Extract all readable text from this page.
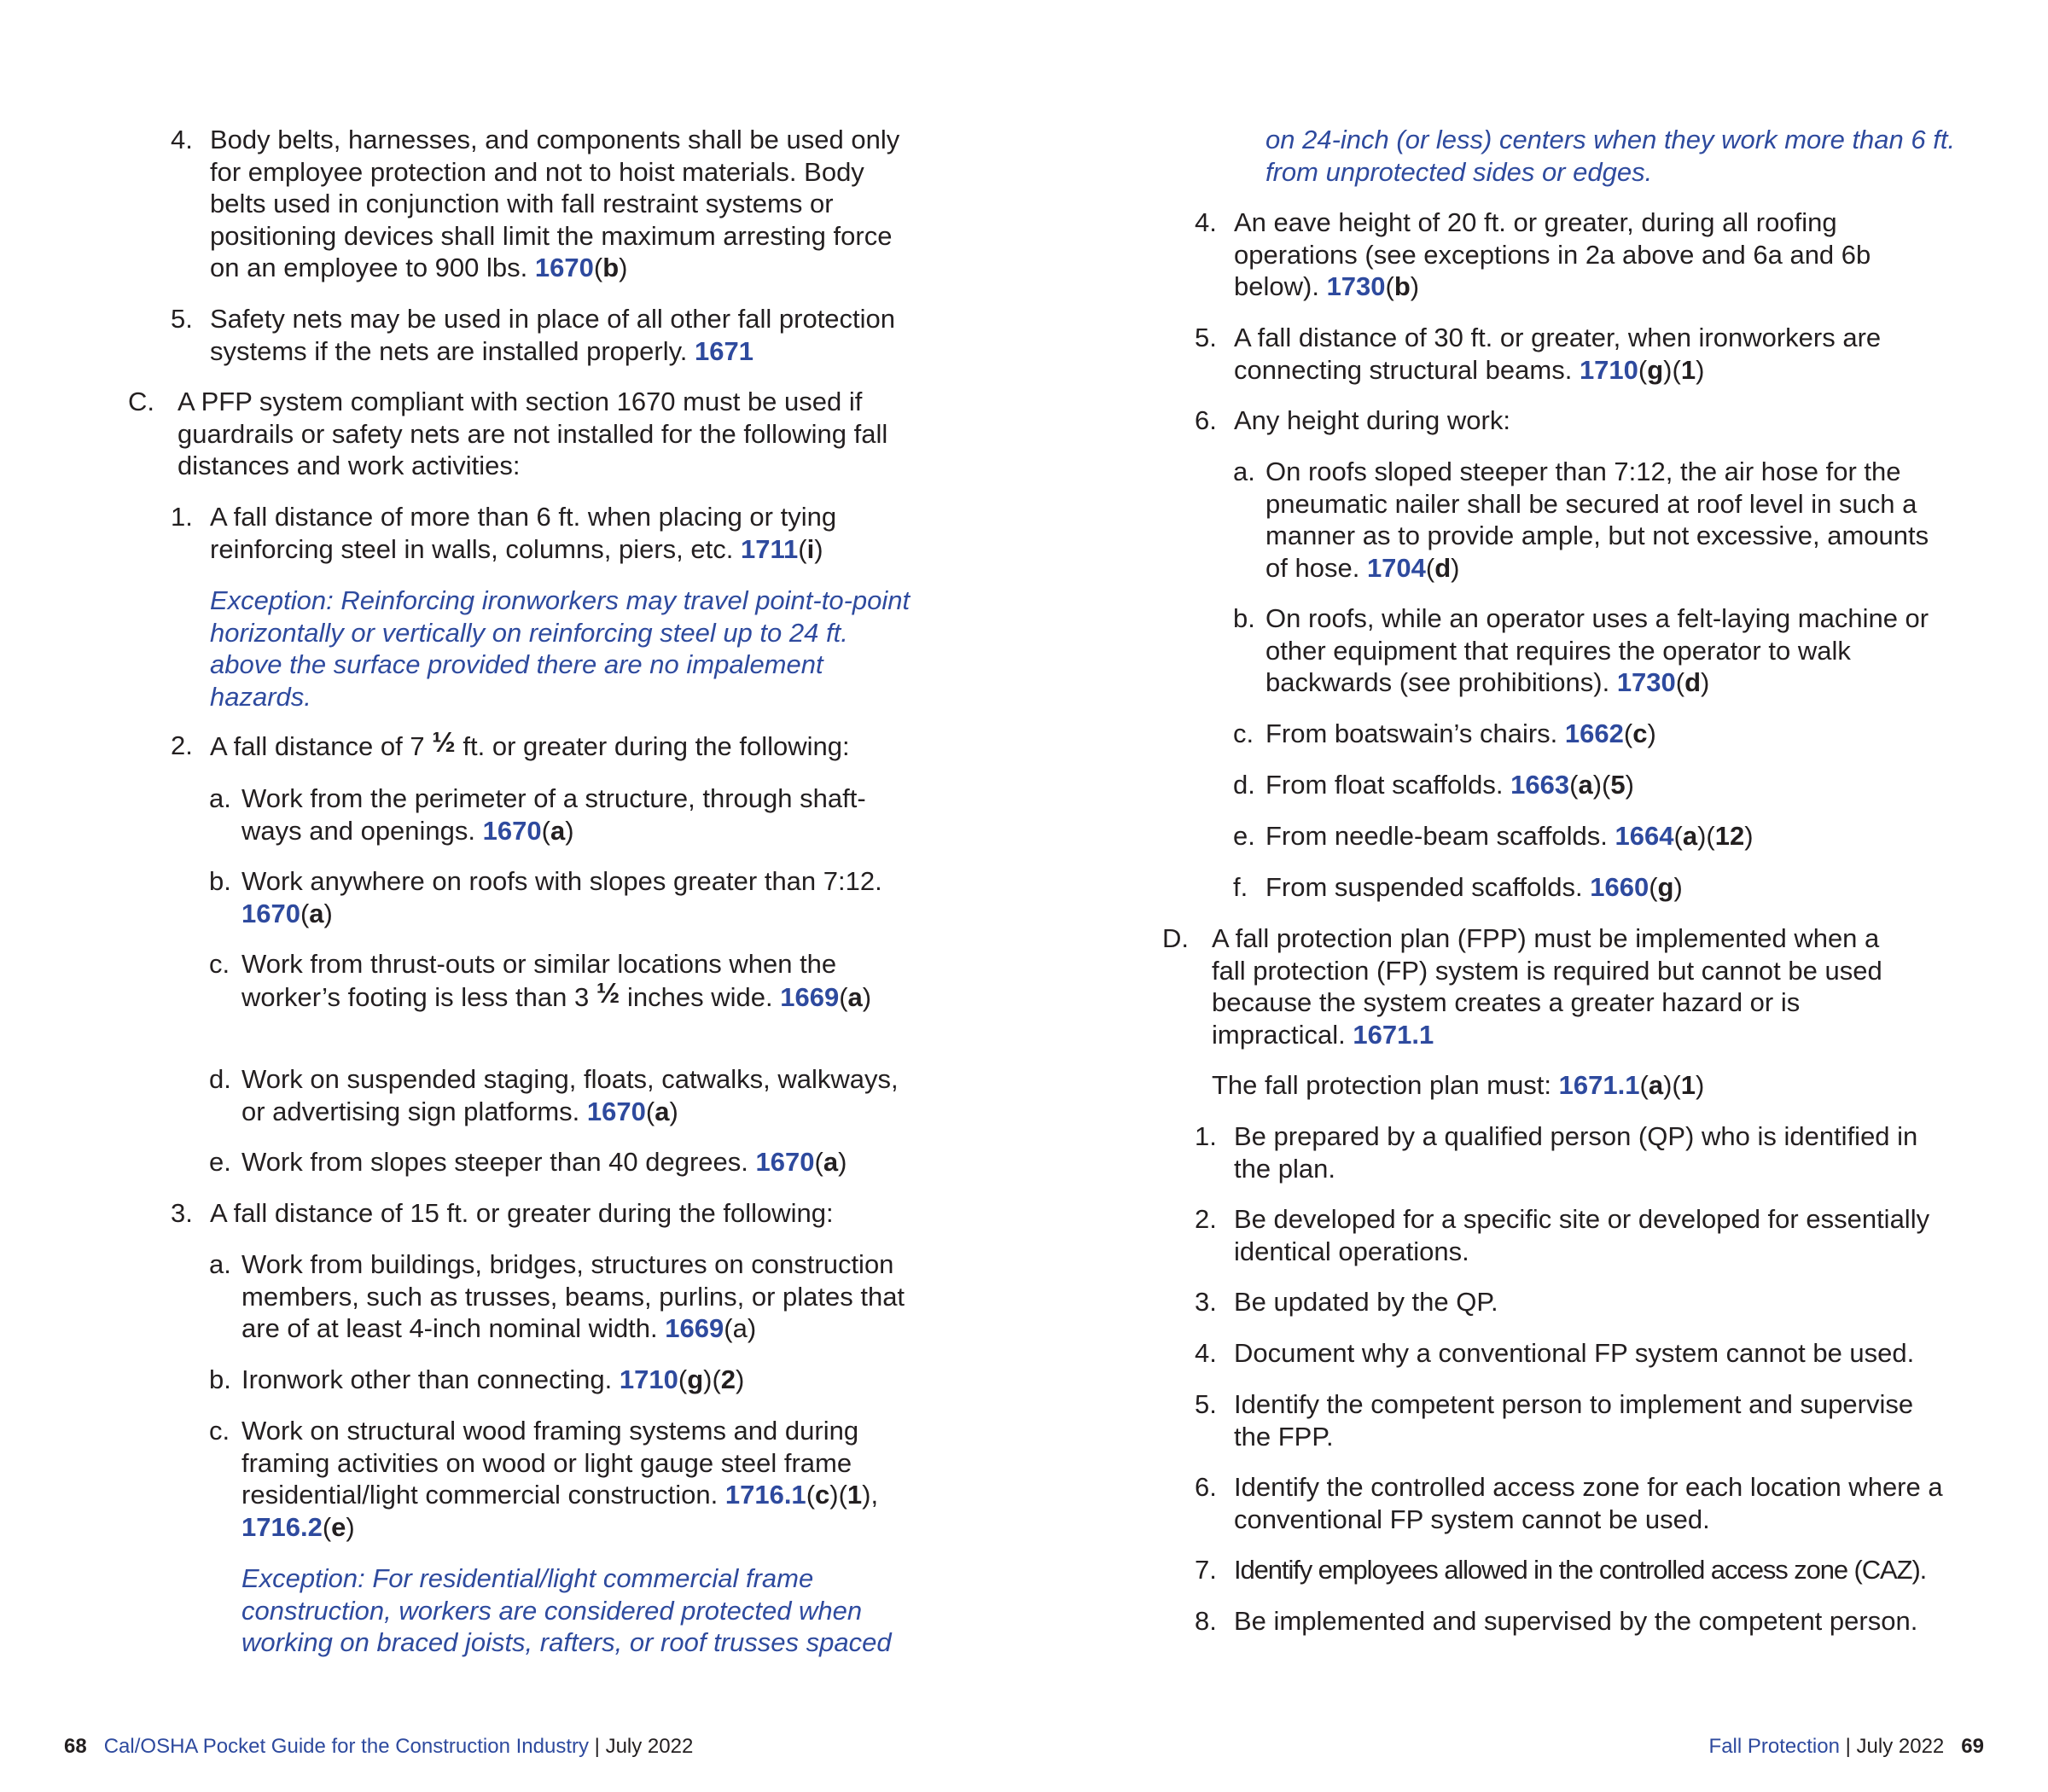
4. Body belts, harnesses, and components shall be used only for employee protection and not to hoist materials. Body belts used in conjunction with fall restraint systems or positioning devices shall limit the maximum arresting force on an employee to 900 lbs. 1670(b)
5. Safety nets may be used in place of all other fall protection systems if the nets are installed properly. 1671
C. A PFP system compliant with section 1670 must be used if guardrails or safety nets are not installed for the following fall distances and work activities:
1. A fall distance of more than 6 ft. when placing or tying reinforcing steel in walls, columns, piers, etc. 1711(i)
Exception: Reinforcing ironworkers may travel point-to-point horizontally or vertically on reinforcing steel up to 24 ft. above the surface provided there are no impalement hazards.
2. A fall distance of 7 ½ ft. or greater during the following:
a. Work from the perimeter of a structure, through shaft-ways and openings. 1670(a)
b. Work anywhere on roofs with slopes greater than 7:12. 1670(a)
c. Work from thrust-outs or similar locations when the worker’s footing is less than 3 ½ inches wide. 1669(a)
d. Work on suspended staging, floats, catwalks, walkways, or advertising sign platforms. 1670(a)
e. Work from slopes steeper than 40 degrees. 1670(a)
3. A fall distance of 15 ft. or greater during the following:
a. Work from buildings, bridges, structures on construction members, such as trusses, beams, purlins, or plates that are of at least 4-inch nominal width. 1669(a)
b. Ironwork other than connecting. 1710(g)(2)
c. Work on structural wood framing systems and during framing activities on wood or light gauge steel frame residential/light commercial construction. 1716.1(c)(1), 1716.2(e)
Exception: For residential/light commercial frame construction, workers are considered protected when working on braced joists, rafters, or roof trusses spaced
68 Cal/OSHA Pocket Guide for the Construction Industry | July 2022
on 24-inch (or less) centers when they work more than 6 ft. from unprotected sides or edges.
4. An eave height of 20 ft. or greater, during all roofing operations (see exceptions in 2a above and 6a and 6b below). 1730(b)
5. A fall distance of 30 ft. or greater, when ironworkers are connecting structural beams. 1710(g)(1)
6. Any height during work:
a. On roofs sloped steeper than 7:12, the air hose for the pneumatic nailer shall be secured at roof level in such a manner as to provide ample, but not excessive, amounts of hose. 1704(d)
b. On roofs, while an operator uses a felt-laying machine or other equipment that requires the operator to walk backwards (see prohibitions). 1730(d)
c. From boatswain’s chairs. 1662(c)
d. From float scaffolds. 1663(a)(5)
e. From needle-beam scaffolds. 1664(a)(12)
f. From suspended scaffolds. 1660(g)
D. A fall protection plan (FPP) must be implemented when a fall protection (FP) system is required but cannot be used because the system creates a greater hazard or is impractical. 1671.1
The fall protection plan must: 1671.1(a)(1)
1. Be prepared by a qualified person (QP) who is identified in the plan.
2. Be developed for a specific site or developed for essentially identical operations.
3. Be updated by the QP.
4. Document why a conventional FP system cannot be used.
5. Identify the competent person to implement and supervise the FPP.
6. Identify the controlled access zone for each location where a conventional FP system cannot be used.
7. Identify employees allowed in the controlled access zone (CAZ).
8. Be implemented and supervised by the competent person.
Fall Protection | July 2022 69
